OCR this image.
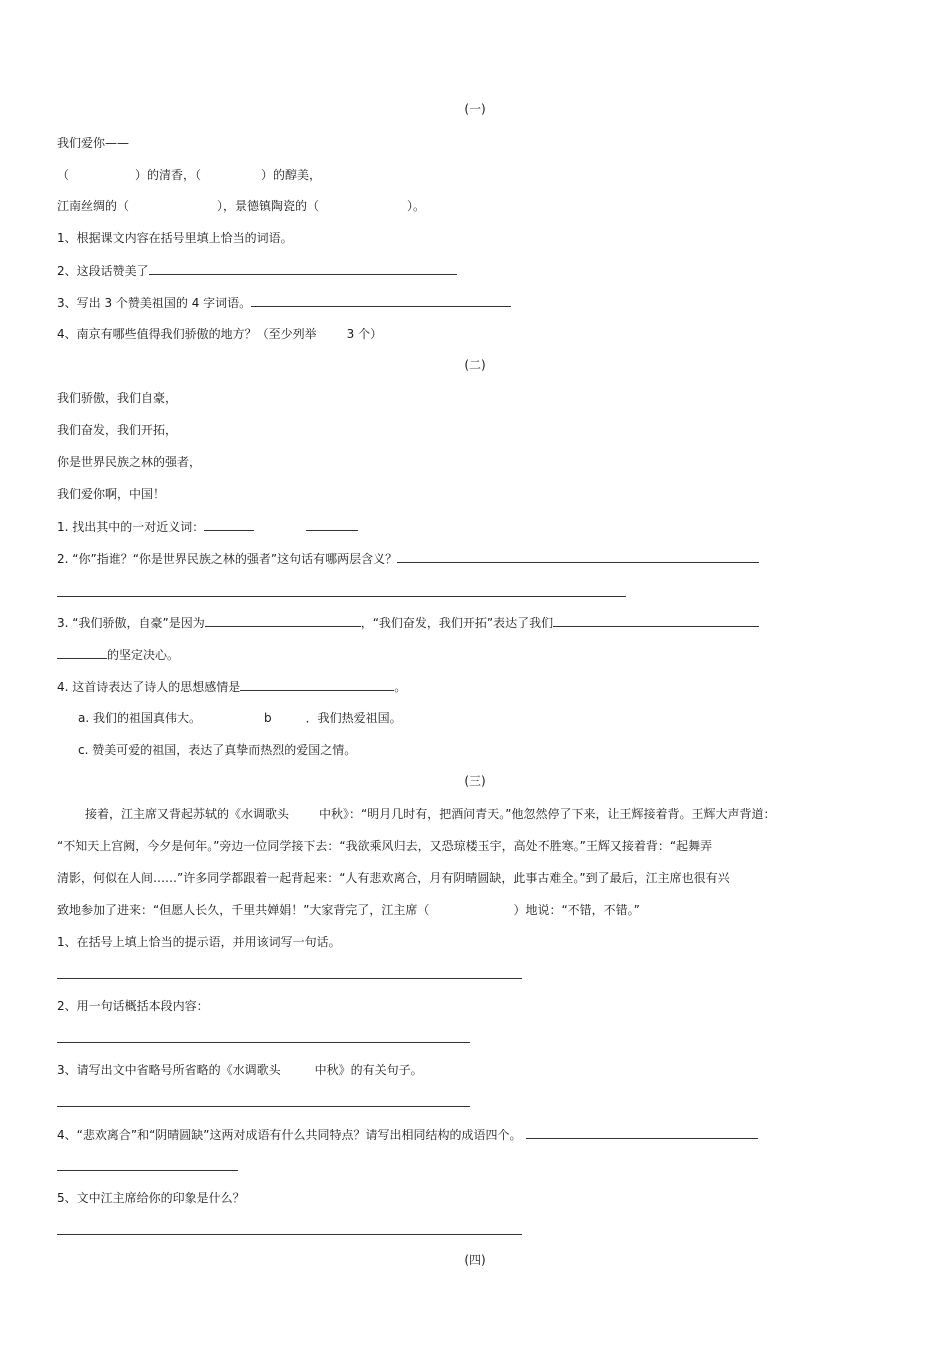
(一)
我们爱你——
（	）的清香，（	）的醇美，
江南丝绸的（	），景德镇陶瓷的（	）。
1、根据课文内容在括号里填上恰当的词语。
2、这段话赞美了
3、写出 3 个赞美祖国的 4 字词语。
4、南京有哪些值得我们骄傲的地方？（至少列举	3 个）
(二)
我们骄傲，我们自豪，
我们奋发，我们开拓，
你是世界民族之林的强者，
我们爱你啊，中国！
1. 找出其中的一对近义词：
2. “你”指谁？“你是世界民族之林的强者”这句话有哪两层含义？
3. “我们骄傲，自豪”是因为	，“我们奋发，我们开拓”表达了我们
的坚定决心。
4. 这首诗表达了诗人的思想感情是	。
a. 我们的祖国真伟大。	b	．我们热爱祖国。
c. 赞美可爱的祖国，表达了真挚而热烈的爱国之情。
(三)
接着，江主席又背起苏轼的《水调歌头	中秋》：“明月几时有，把酒问青天。”他忽然停了下来，让王辉接着背。王辉大声背道：
“不知天上宫阙，今夕是何年。”旁边一位同学接下去：“我欲乘风归去，又恐琼楼玉宇，高处不胜寒。”王辉又接着背：“起舞弄
清影，何似在人间……”许多同学都跟着一起背起来：“人有悲欢离合，月有阴晴圆缺，此事古难全。”到了最后，江主席也很有兴
致地参加了进来：“但愿人长久，千里共婵娟！”大家背完了，江主席（	）地说：“不错，不错。”
1、在括号上填上恰当的提示语，并用该词写一句话。
2、用一句话概括本段内容：
3、请写出文中省略号所省略的《水调歌头	中秋》的有关句子。
4、“悲欢离合”和“阴晴圆缺”这两对成语有什么共同特点？请写出相同结构的成语四个。
5、文中江主席给你的印象是什么？
(四)
